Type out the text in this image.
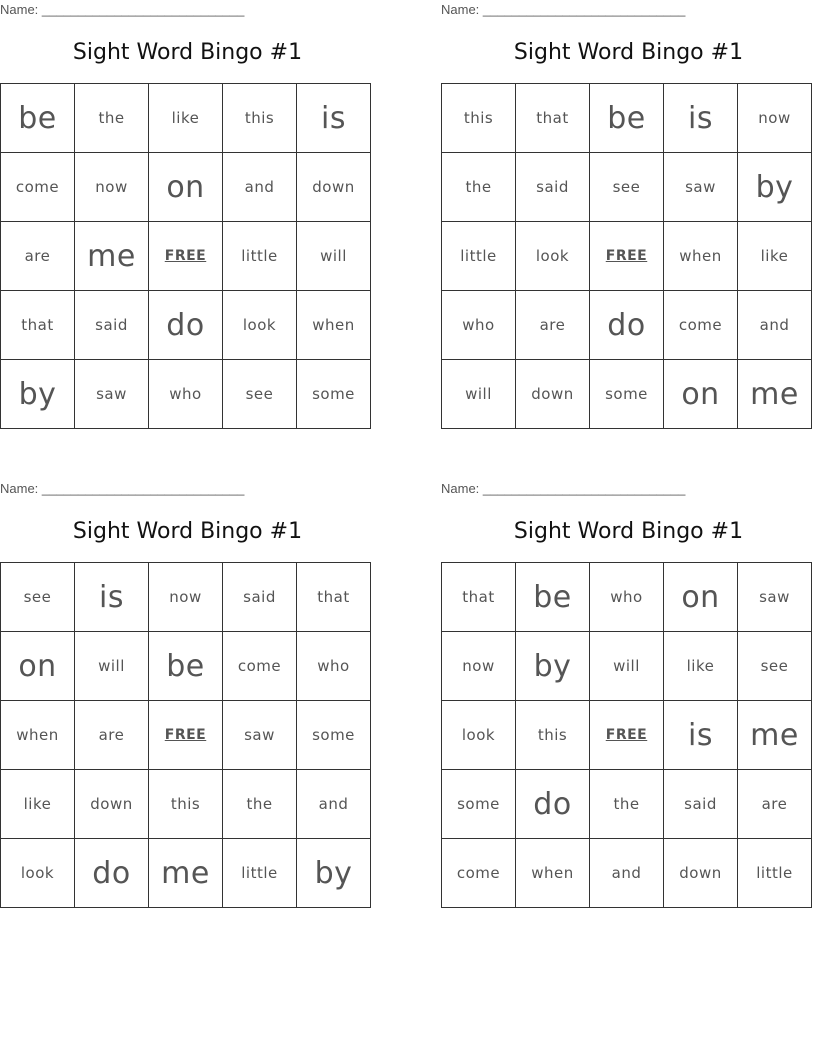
Name: ____________________________
Sight Word Bingo #1
be	the	like	this	is
come	now	on	and	down
are	me	FREE	little	will
that	said	do	look	when
by	saw	who	see	some
Name: ____________________________
Sight Word Bingo #1
this	that	be	is	now
the	said	see	saw	by
little	look	FREE	when	like
who	are	do	come	and
will	down	some	on	me
Name: ____________________________
Sight Word Bingo #1
see	is	now	said	that
on	will	be	come	who
when	are	FREE	saw	some
like	down	this	the	and
look	do	me	little	by
Name: ____________________________
Sight Word Bingo #1
that	be	who	on	saw
now	by	will	like	see
look	this	FREE	is	me
some	do	the	said	are
come	when	and	down	little
